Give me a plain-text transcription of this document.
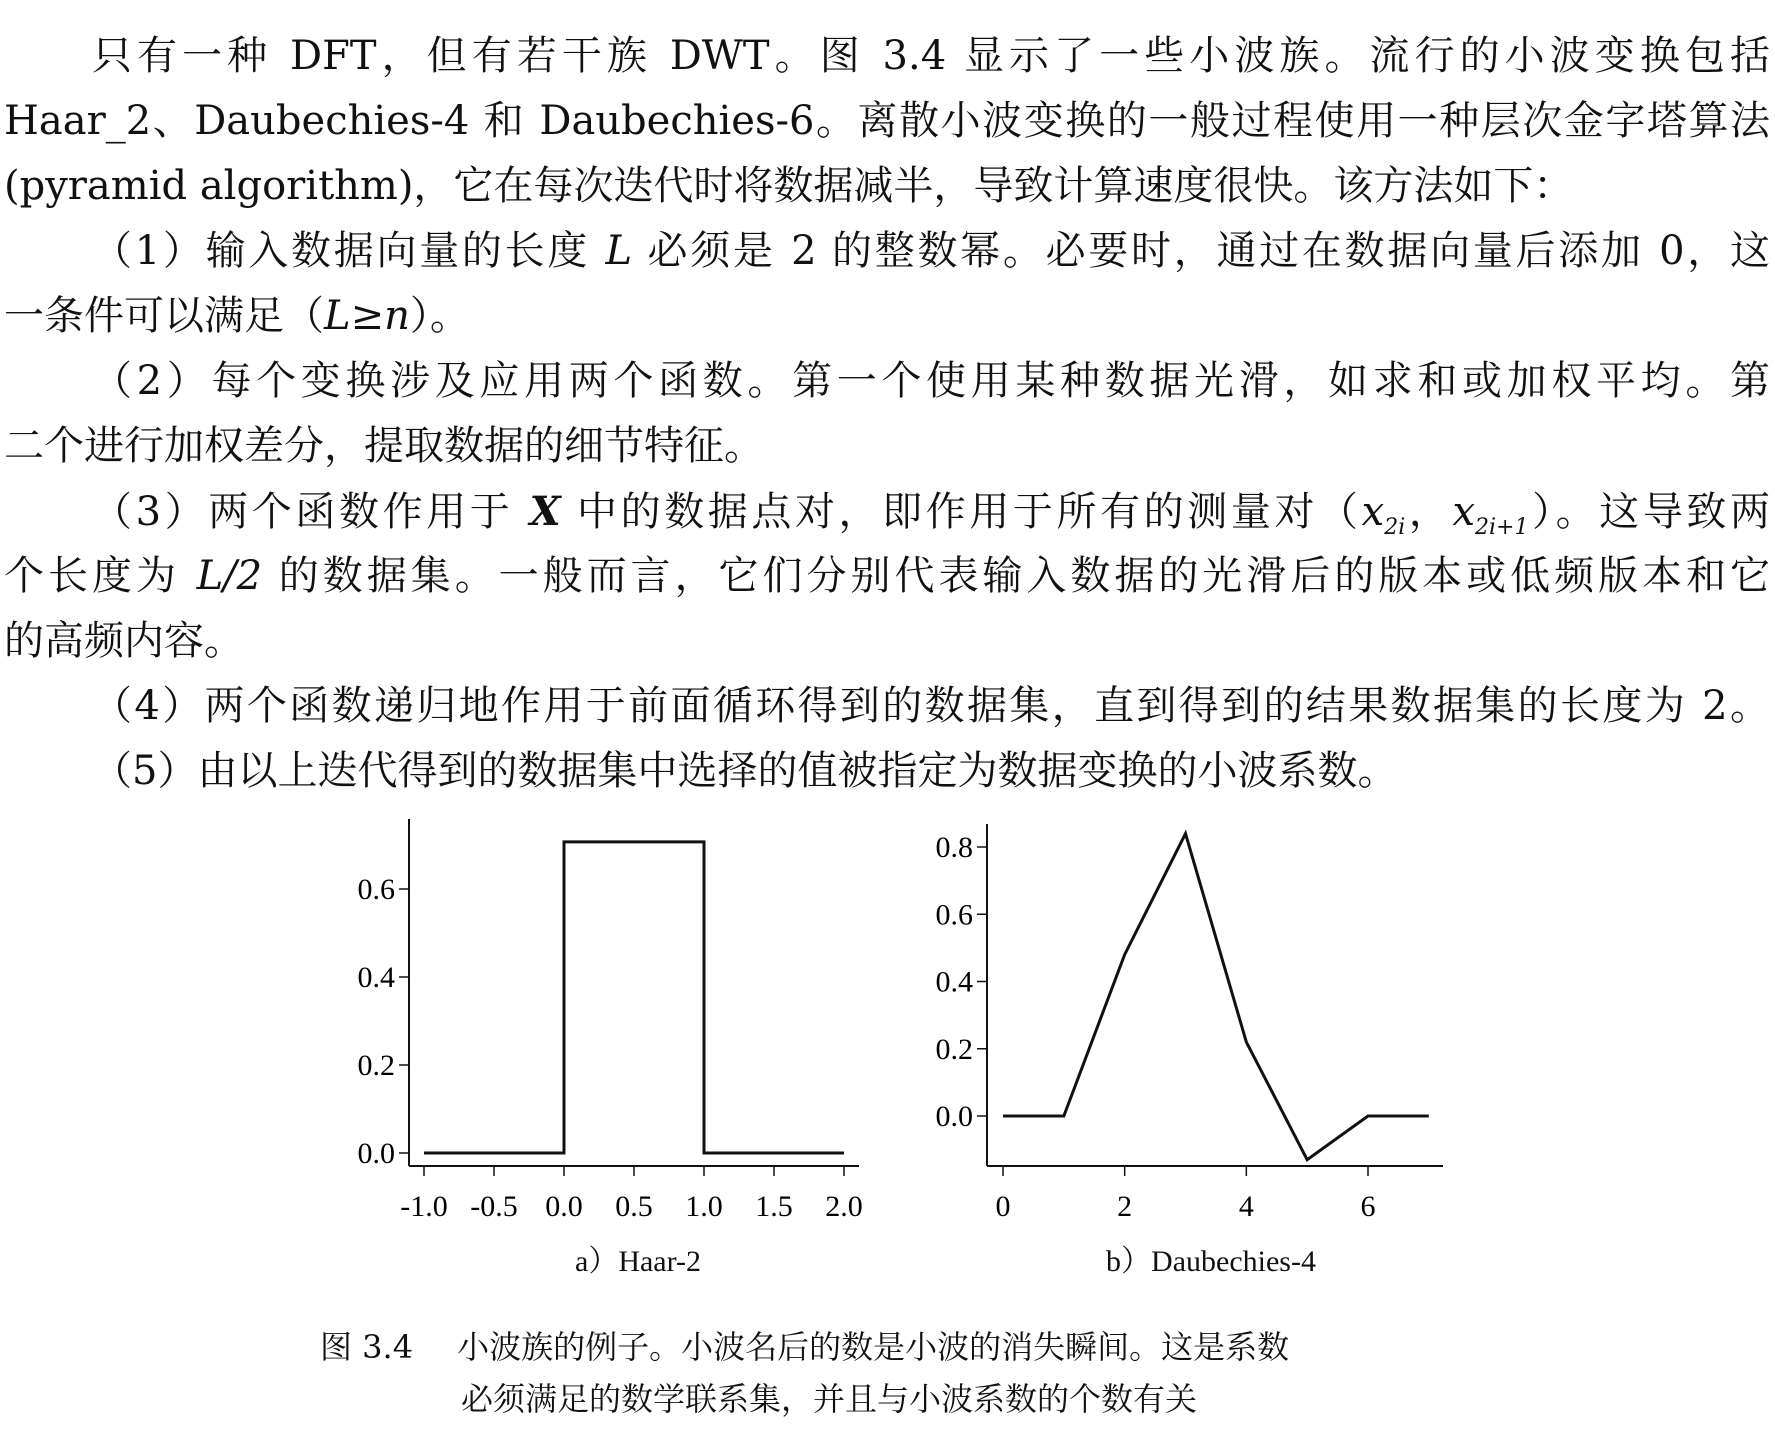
只有一种 DFT，但有若干族 DWT。图 3.4 显示了一些小波族。流行的小波变换包括
Haar_2、Daubechies-4 和 Daubechies-6。离散小波变换的一般过程使用一种层次金字塔算法
(pyramid algorithm)，它在每次迭代时将数据减半，导致计算速度很快。该方法如下：
（1）输入数据向量的长度 L 必须是 2 的整数幂。必要时，通过在数据向量后添加 0，这
一条件可以满足（L≥n）。
（2）每个变换涉及应用两个函数。第一个使用某种数据光滑，如求和或加权平均。第
二个进行加权差分，提取数据的细节特征。
（3）两个函数作用于 X 中的数据点对，即作用于所有的测量对（$x_{2i}$，$x_{2i+1}$）。这导致两
个长度为 L/2 的数据集。一般而言，它们分别代表输入数据的光滑后的版本或低频版本和它
的高频内容。
（4）两个函数递归地作用于前面循环得到的数据集，直到得到的结果数据集的长度为 2。
（5）由以上迭代得到的数据集中选择的值被指定为数据变换的小波系数。
0.0
0.2
0.4
0.6
-1.0 -0.5 0.0 0.5 1.0 1.5 2.0
0.0
0.2
0.4
0.6
0.8
0	2	4	6
a）Haar-2	b）Daubechies-4
图 3.4 小波族的例子。小波名后的数是小波的消失瞬间。这是系数
必须满足的数学联系集，并且与小波系数的个数有关
